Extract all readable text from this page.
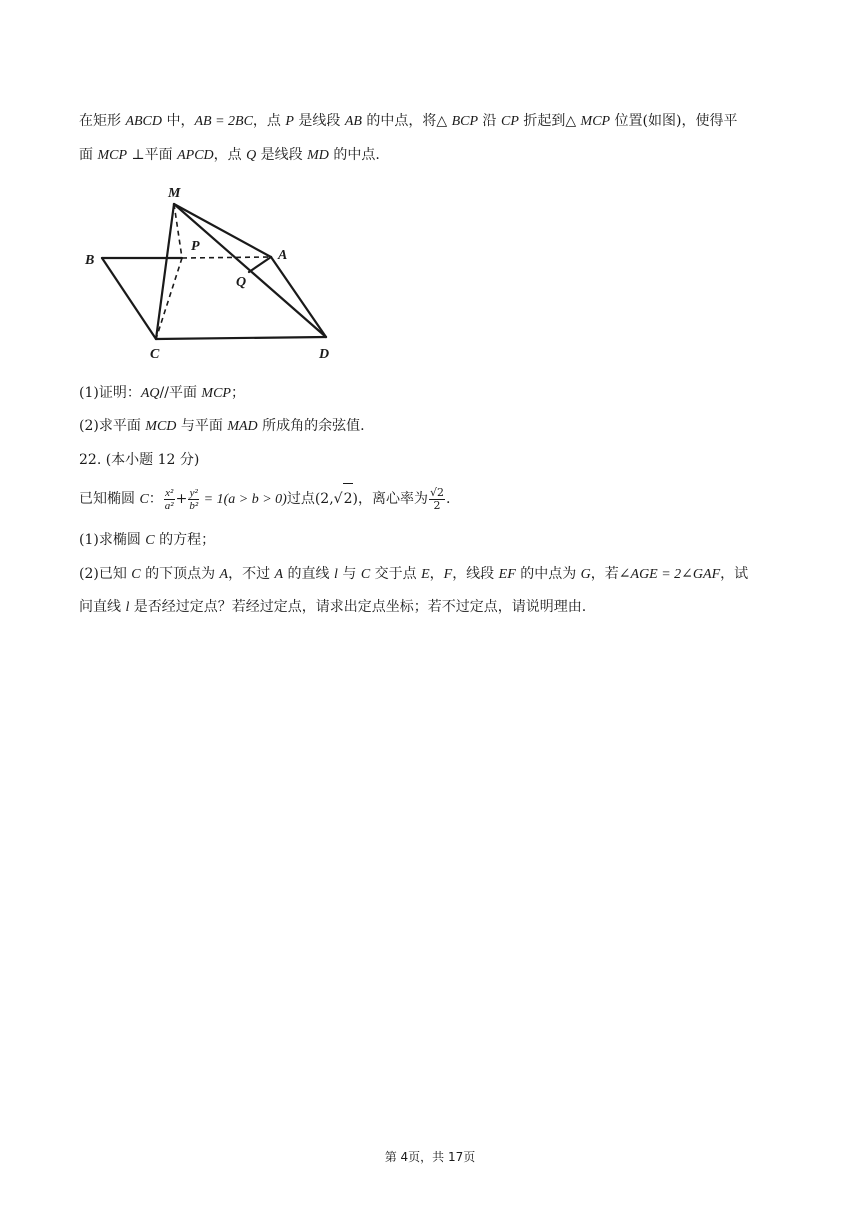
在矩形 ABCD 中，AB = 2BC，点 P 是线段 AB 的中点，将△ BCP 沿 CP 折起到△ MCP 位置(如图)，使得平
面 MCP ⊥平面 APCD，点 Q 是线段 MD 的中点.
M
P
A
B
Q
C	D
(1)证明：AQ//平面 MCP；
(2)求平面 MCD 与平面 MAD 所成角的余弦值.
22. (本小题 12 分)
已知椭圆 C： $\frac{\text{x²}}{\text{a²}} + \frac{\text{y²}}{\text{b²}} = 1(a > b > 0)$过点(2,√2)，离心率为 $\frac{√2}{2}$ .
(1)求椭圆 C 的方程；
(2)已知 C 的下顶点为 A，不过 A 的直线 l 与 C 交于点 E，F，线段 EF 的中点为 G，若∠AGE = 2∠GAF，试
问直线 l 是否经过定点？若经过定点，请求出定点坐标；若不过定点，请说明理由.
第 4页，共 17页
